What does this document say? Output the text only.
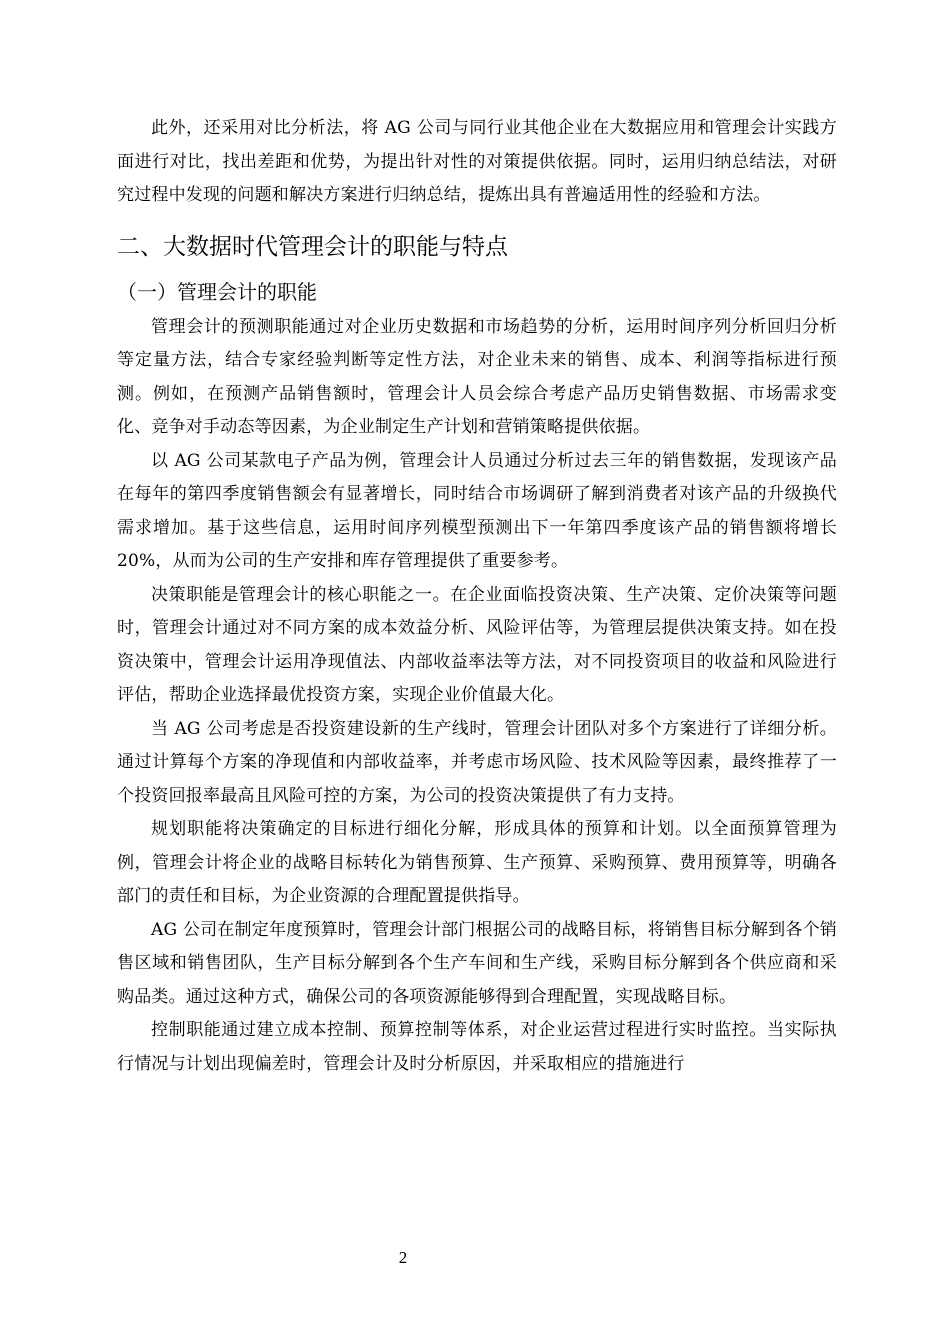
此外，还采用对比分析法，将 AG 公司与同行业其他企业在大数据应用和管理会计实践方面进行对比，找出差距和优势，为提出针对性的对策提供依据。同时，运用归纳总结法，对研究过程中发现的问题和解决方案进行归纳总结，提炼出具有普遍适用性的经验和方法。

二、大数据时代管理会计的职能与特点
（一）管理会计的职能

管理会计的预测职能通过对企业历史数据和市场趋势的分析，运用时间序列分析回归分析等定量方法，结合专家经验判断等定性方法，对企业未来的销售、成本、利润等指标进行预测。例如，在预测产品销售额时，管理会计人员会综合考虑产品历史销售数据、市场需求变化、竞争对手动态等因素，为企业制定生产计划和营销策略提供依据。

以 AG 公司某款电子产品为例，管理会计人员通过分析过去三年的销售数据，发现该产品在每年的第四季度销售额会有显著增长，同时结合市场调研了解到消费者对该产品的升级换代需求增加。基于这些信息，运用时间序列模型预测出下一年第四季度该产品的销售额将增长 20%，从而为公司的生产安排和库存管理提供了重要参考。

决策职能是管理会计的核心职能之一。在企业面临投资决策、生产决策、定价决策等问题时，管理会计通过对不同方案的成本效益分析、风险评估等，为管理层提供决策支持。如在投资决策中，管理会计运用净现值法、内部收益率法等方法，对不同投资项目的收益和风险进行评估，帮助企业选择最优投资方案，实现企业价值最大化。

当 AG 公司考虑是否投资建设新的生产线时，管理会计团队对多个方案进行了详细分析。通过计算每个方案的净现值和内部收益率，并考虑市场风险、技术风险等因素，最终推荐了一个投资回报率最高且风险可控的方案，为公司的投资决策提供了有力支持。

规划职能将决策确定的目标进行细化分解，形成具体的预算和计划。以全面预算管理为例，管理会计将企业的战略目标转化为销售预算、生产预算、采购预算、费用预算等，明确各部门的责任和目标，为企业资源的合理配置提供指导。

AG 公司在制定年度预算时，管理会计部门根据公司的战略目标，将销售目标分解到各个销售区域和销售团队，生产目标分解到各个生产车间和生产线，采购目标分解到各个供应商和采购品类。通过这种方式，确保公司的各项资源能够得到合理配置，实现战略目标。

控制职能通过建立成本控制、预算控制等体系，对企业运营过程进行实时监控。当实际执行情况与计划出现偏差时，管理会计及时分析原因，并采取相应的措施进行

2
